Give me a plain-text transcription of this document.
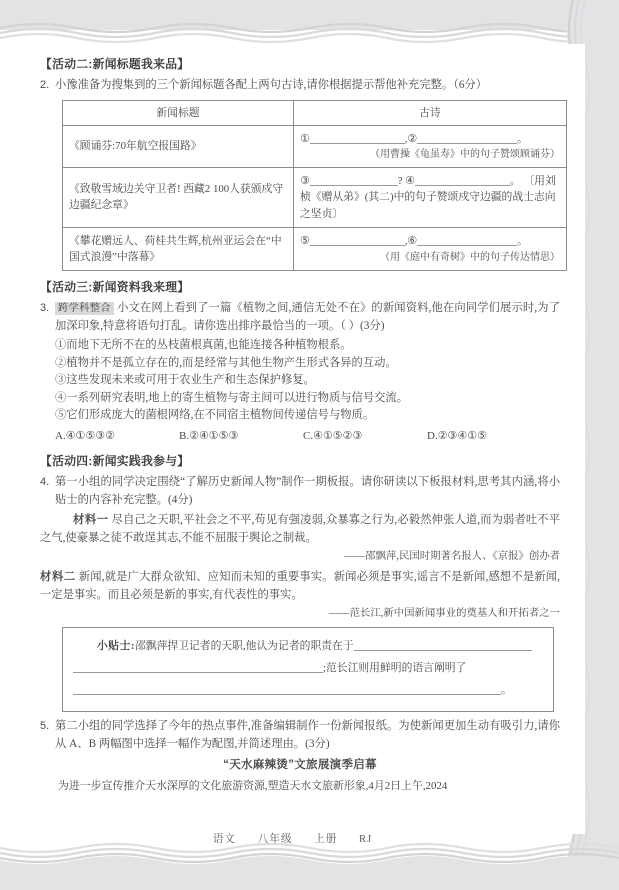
【活动二:新闻标题我来品】
2. 小豫准备为搜集到的三个新闻标题各配上两句古诗,请你根据提示帮他补充完整。（6分）
新闻标题	古诗
《顾诵芬:70年航空报国路》	① ,② 。
（用曹操《龟虽寿》中的句子赞颂顾诵芬）

《致敬雪域边关守卫者! 西藏2 100人获颁戍守边疆纪念章》	③ ? ④ 。 〔用刘桢《赠从弟》(其二)中的句子赞颂戍守边疆的战士志向之坚贞〕
《攀花赠远人、荷桂共生辉,杭州亚运会在“中国式浪漫”中落幕》	⑤ ,⑥ 。
（用《庭中有奇树》中的句子传达情思）
【活动三:新闻资料我来理】
3. 跨学科整合 小文在网上看到了一篇《植物之间,通信无处不在》的新闻资料,他在向同学们展示时,为了加深印象,特意将语句打乱。请你选出排序最恰当的一项。（ ）(3分)
①而地下无所不在的丛枝菌根真菌,也能连接各种植物根系。
②植物并不是孤立存在的,而是经常与其他生物产生形式各异的互动。
③这些发现未来或可用于农业生产和生态保护修复。
④一系列研究表明,地上的寄生植物与寄主间可以进行物质与信号交流。
⑤它们形成庞大的菌根网络,在不同宿主植物间传递信号与物质。
A.④①⑤③②	B.②④①⑤③	C.④①⑤②③	D.②③④①⑤
【活动四:新闻实践我参与】
4. 第一小组的同学决定围绕“了解历史新闻人物”制作一期板报。请你研读以下板报材料,思考其内涵,将小贴士的内容补充完整。(4分)
材料一 尽自己之天职,平社会之不平,苟见有强凌弱,众暴寡之行为,必毅然伸张人道,而为弱者吐不平之气,使豪暴之徒不敢逞其志,不能不屈服于舆论之制裁。
——邵飘萍,民国时期著名报人、《京报》创办者
材料二 新闻,就是广大群众欲知、应知而未知的重要事实。新闻必须是事实,谣言不是新闻,感想不是新闻,一定是事实。而且必须是新的事实,有代表性的事实。
——范长江,新中国新闻事业的奠基人和开拓者之一
小贴士:邵飘萍捍卫记者的天职,他认为记者的职责在于;范长江则用鲜明的语言阐明了。
5. 第二小组的同学选择了今年的热点事件,准备编辑制作一份新闻报纸。为使新闻更加生动有吸引力,请你从 A、B 两幅图中选择一幅作为配图,并简述理由。(3分)
“天水麻辣烫”文旅展演季启幕
为进一步宣传推介天水深厚的文化旅游资源,塑造天水文旅新形象,4月2日上午,2024
语文 八年级 上册 RJ
